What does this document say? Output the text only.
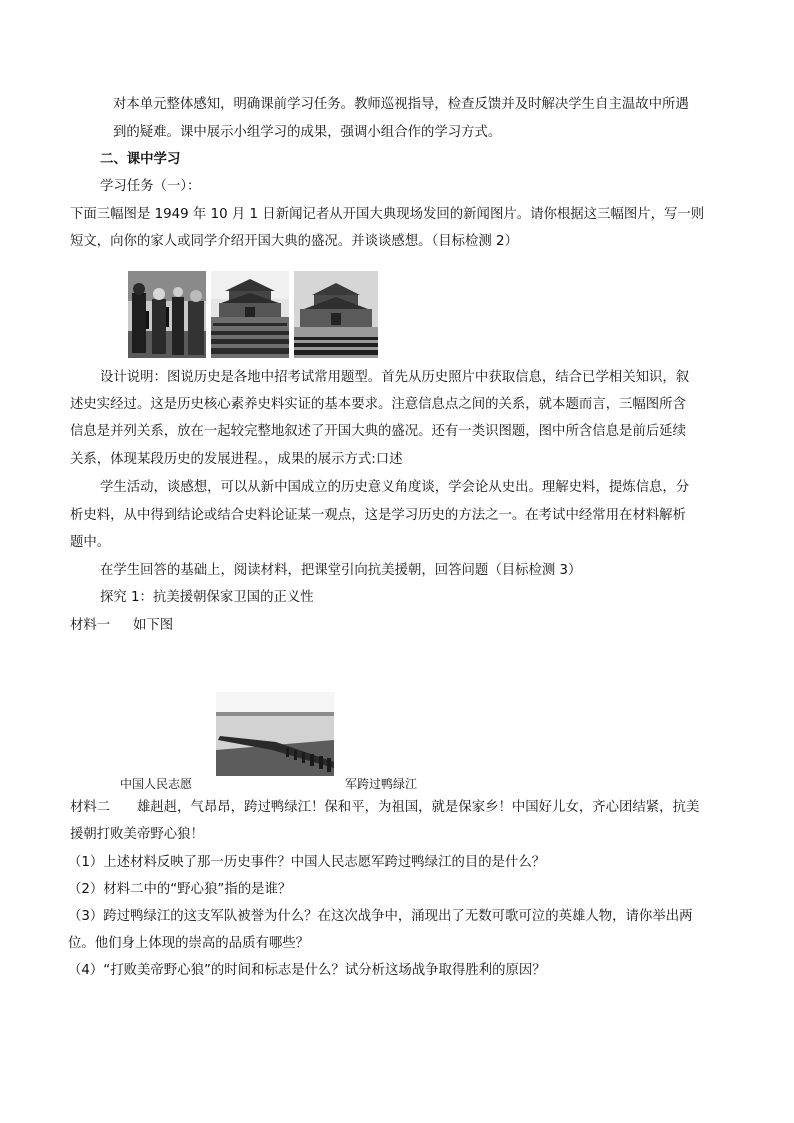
对本单元整体感知，明确课前学习任务。教师巡视指导，检查反馈并及时解决学生自主温故中所遇
到的疑难。课中展示小组学习的成果，强调小组合作的学习方式。
二、课中学习
学习任务（一）：
下面三幅图是 1949 年 10 月 1 日新闻记者从开国大典现场发回的新闻图片。请你根据这三幅图片，写一则
短文，向你的家人或同学介绍开国大典的盛况。并谈谈感想。（目标检测 2）
设计说明：图说历史是各地中招考试常用题型。首先从历史照片中获取信息，结合已学相关知识，叙
述史实经过。这是历史核心素养史料实证的基本要求。注意信息点之间的关系，就本题而言，三幅图所含
信息是并列关系，放在一起较完整地叙述了开国大典的盛况。还有一类识图题，图中所含信息是前后延续
关系，体现某段历史的发展进程。，成果的展示方式:口述
学生活动，谈感想，可以从新中国成立的历史意义角度谈，学会论从史出。理解史料，提炼信息，分
析史料，从中得到结论或结合史料论证某一观点，这是学习历史的方法之一。在考试中经常用在材料解析
题中。
在学生回答的基础上，阅读材料，把课堂引向抗美援朝，回答问题（目标检测 3）
探究 1：抗美援朝保家卫国的正义性
材料一 如下图
中国人民志愿	军跨过鸭绿江
材料二　　雄赳赳，气昂昂，跨过鸭绿江！保和平，为祖国，就是保家乡！中国好儿女，齐心团结紧，抗美
援朝打败美帝野心狼！
（1）上述材料反映了那一历史事件？中国人民志愿军跨过鸭绿江的目的是什么？
（2）材料二中的“野心狼”指的是谁？
（3）跨过鸭绿江的这支军队被誉为什么？在这次战争中，涌现出了无数可歌可泣的英雄人物，请你举出两
位。他们身上体现的崇高的品质有哪些？
（4）“打败美帝野心狼”的时间和标志是什么？试分析这场战争取得胜利的原因？
